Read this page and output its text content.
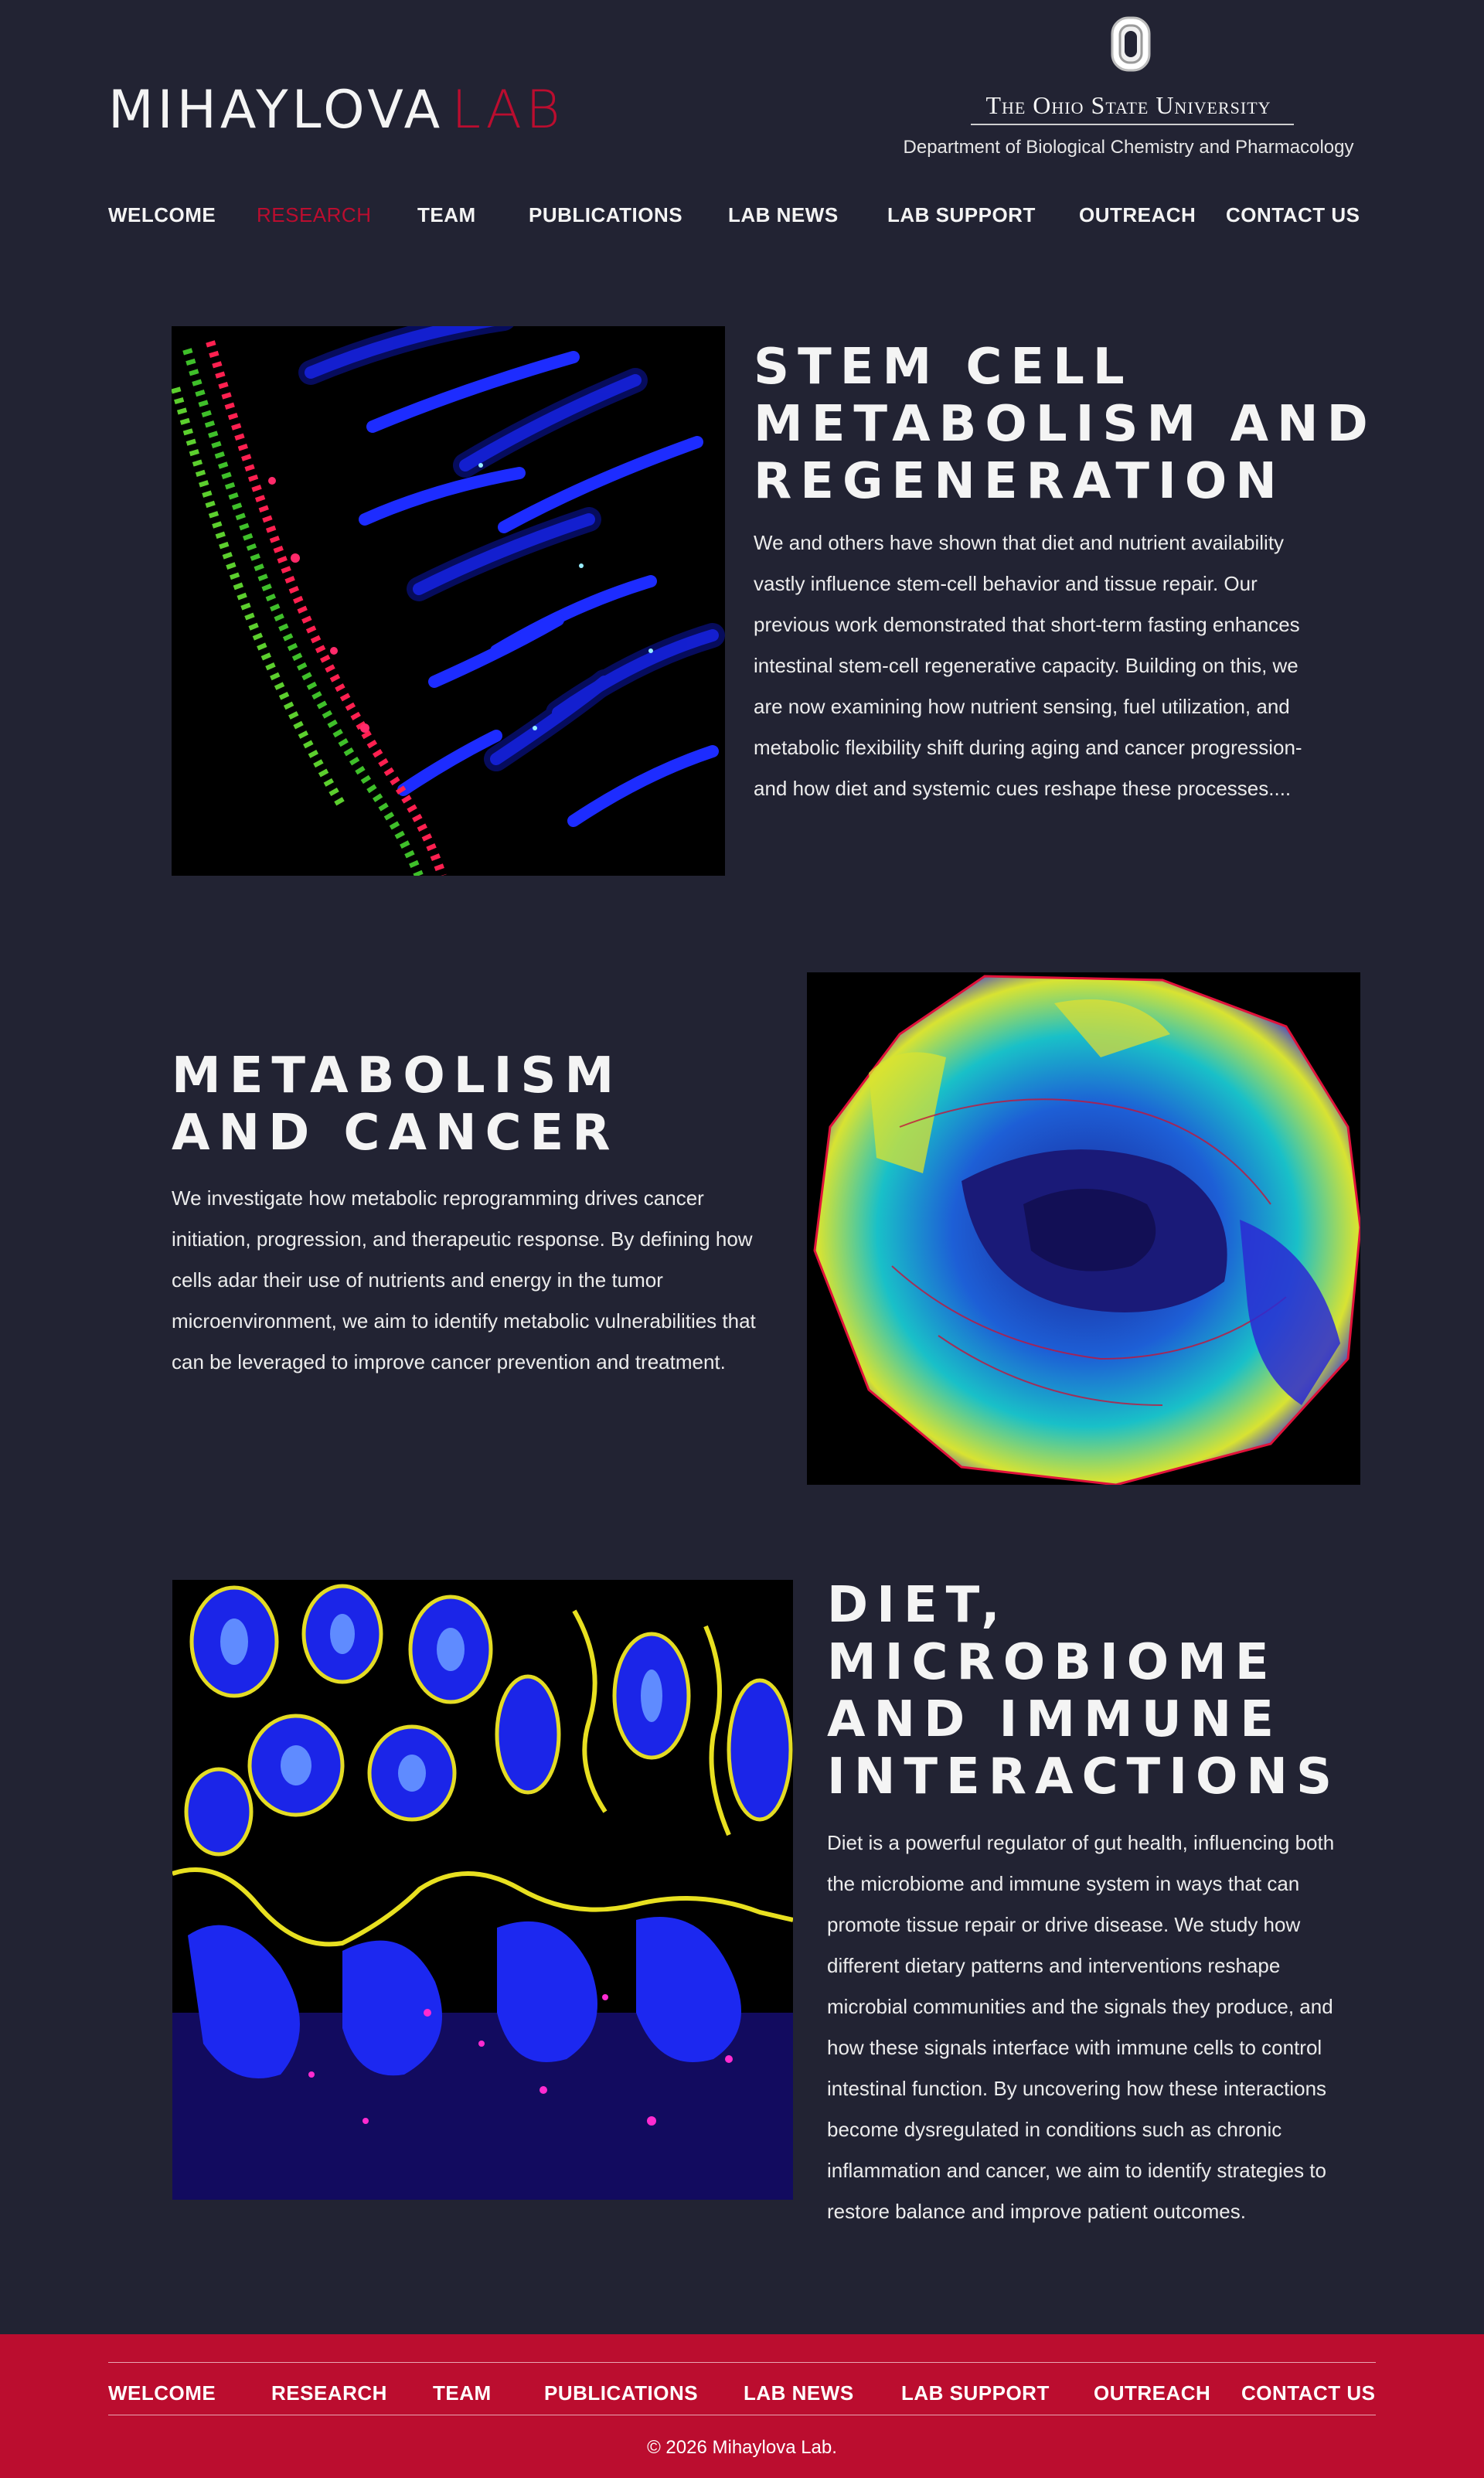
MIHAYLOVA LAB	The Ohio State University
Department of Biological Chemistry and Pharmacology
WELCOME RESEARCH TEAM	PUBLICATIONS LAB NEWS LAB SUPPORT OUTREACH CONTACT US
STEM CELL METABOLISM AND REGENERATION

We and others have shown that diet and nutrient availability vastly influence stem-cell behavior and tissue repair. Our previous work demonstrated that short-term fasting enhances intestinal stem-cell regenerative capacity. Building on this, we are now examining how nutrient sensing, fuel utilization, and metabolic flexibility shift during aging and cancer progression-and how diet and systemic cues reshape these processes....

METABOLISM AND CANCER

We investigate how metabolic reprogramming drives cancer initiation, progression, and therapeutic response. By defining how cells adar their use of nutrients and energy in the tumor microenvironment, we aim to identify metabolic vulnerabilities that can be leveraged to improve cancer prevention and treatment.

DIET, MICROBIOME AND IMMUNE INTERACTIONS

Diet is a powerful regulator of gut health, influencing both the microbiome and immune system in ways that can promote tissue repair or drive disease. We study how different dietary patterns and interventions reshape microbial communities and the signals they produce, and how these signals interface with immune cells to control intestinal function. By uncovering how these interactions become dysregulated in conditions such as chronic inflammation and cancer, we aim to identify strategies to restore balance and improve patient outcomes.

WELCOME	RESEARCH TEAM	PUBLICATIONS LAB NEWS LAB SUPPORT OUTREACH CONTACT US
© 2026 Mihaylova Lab.
